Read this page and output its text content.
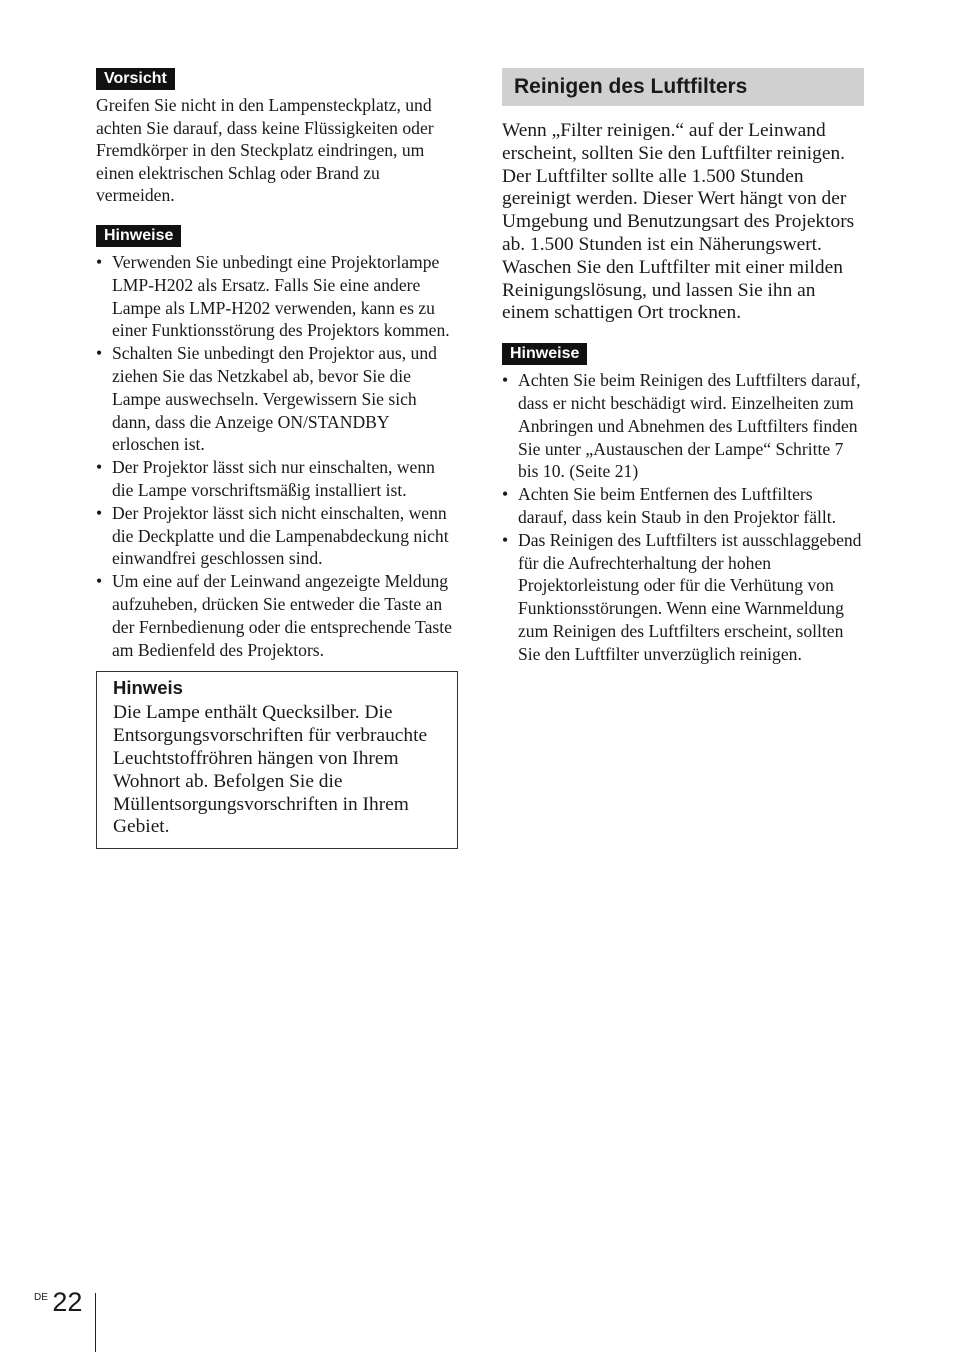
Vorsicht

Greifen Sie nicht in den Lampensteckplatz, und achten Sie darauf, dass keine Flüssigkeiten oder Fremdkörper in den Steckplatz eindringen, um einen elektrischen Schlag oder Brand zu vermeiden.

Hinweise
• Verwenden Sie unbedingt eine Projektorlampe LMP-H202 als Ersatz. Falls Sie eine andere Lampe als LMP-H202 verwenden, kann es zu einer Funktionsstörung des Projektors kommen.
• Schalten Sie unbedingt den Projektor aus, und ziehen Sie das Netzkabel ab, bevor Sie die Lampe auswechseln. Vergewissern Sie sich dann, dass die Anzeige ON/STANDBY erloschen ist.
• Der Projektor lässt sich nur einschalten, wenn die Lampe vorschriftsmäßig installiert ist.
• Der Projektor lässt sich nicht einschalten, wenn die Deckplatte und die Lampenabdeckung nicht einwandfrei geschlossen sind.
• Um eine auf der Leinwand angezeigte Meldung aufzuheben, drücken Sie entweder die Taste an der Fernbedienung oder die entsprechende Taste am Bedienfeld des Projektors.
Hinweis
Die Lampe enthält Quecksilber. Die Entsorgungsvorschriften für verbrauchte Leuchtstoffröhren hängen von Ihrem Wohnort ab. Befolgen Sie die Müllentsorgungsvorschriften in Ihrem Gebiet.
Reinigen des Luftfilters
Wenn „Filter reinigen.“ auf der Leinwand erscheint, sollten Sie den Luftfilter reinigen. Der Luftfilter sollte alle 1.500 Stunden gereinigt werden. Dieser Wert hängt von der Umgebung und Benutzungsart des Projektors ab. 1.500 Stunden ist ein Näherungswert.
Waschen Sie den Luftfilter mit einer milden Reinigungslösung, und lassen Sie ihn an einem schattigen Ort trocknen.
Hinweise
• Achten Sie beim Reinigen des Luftfilters darauf, dass er nicht beschädigt wird. Einzelheiten zum Anbringen und Abnehmen des Luftfilters finden Sie unter „Austauschen der Lampe“ Schritte 7 bis 10. (Seite 21)
• Achten Sie beim Entfernen des Luftfilters darauf, dass kein Staub in den Projektor fällt.
• Das Reinigen des Luftfilters ist ausschlaggebend für die Aufrechterhaltung der hohen Projektorleistung oder für die Verhütung von Funktionsstörungen. Wenn eine Warnmeldung zum Reinigen des Luftfilters erscheint, sollten Sie den Luftfilter unverzüglich reinigen.
$^{DE}$ 22
